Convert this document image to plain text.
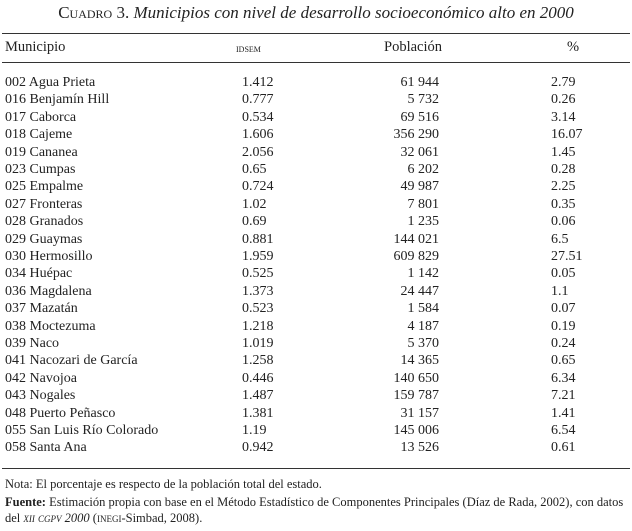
Cuadro 3. Municipios con nivel de desarrollo socioeconómico alto en 2000
Municipio	idsem	Población	%
002 Agua Prieta	1.412	61 944	2.79
016 Benjamín Hill	0.777	5 732	0.26
017 Caborca	0.534	69 516	3.14
018 Cajeme	1.606	356 290	16.07
019 Cananea	2.056	32 061	1.45
023 Cumpas	0.65	6 202	0.28
025 Empalme	0.724	49 987	2.25
027 Fronteras	1.02	7 801	0.35
028 Granados	0.69	1 235	0.06
029 Guaymas	0.881	144 021	6.5
030 Hermosillo	1.959	609 829	27.51
034 Huépac	0.525	1 142	0.05
036 Magdalena	1.373	24 447	1.1
037 Mazatán	0.523	1 584	0.07
038 Moctezuma	1.218	4 187	0.19
039 Naco	1.019	5 370	0.24
041 Nacozari de García	1.258	14 365	0.65
042 Navojoa	0.446	140 650	6.34
043 Nogales	1.487	159 787	7.21
048 Puerto Peñasco	1.381	31 157	1.41
055 San Luis Río Colorado	1.19	145 006	6.54
058 Santa Ana	0.942	13 526	0.61
Nota: El porcentaje es respecto de la población total del estado.
Fuente: Estimación propia con base en el Método Estadístico de Componentes Principales (Díaz de Rada, 2002), con datos del xii cgpv 2000 (inegi-Simbad, 2008).
